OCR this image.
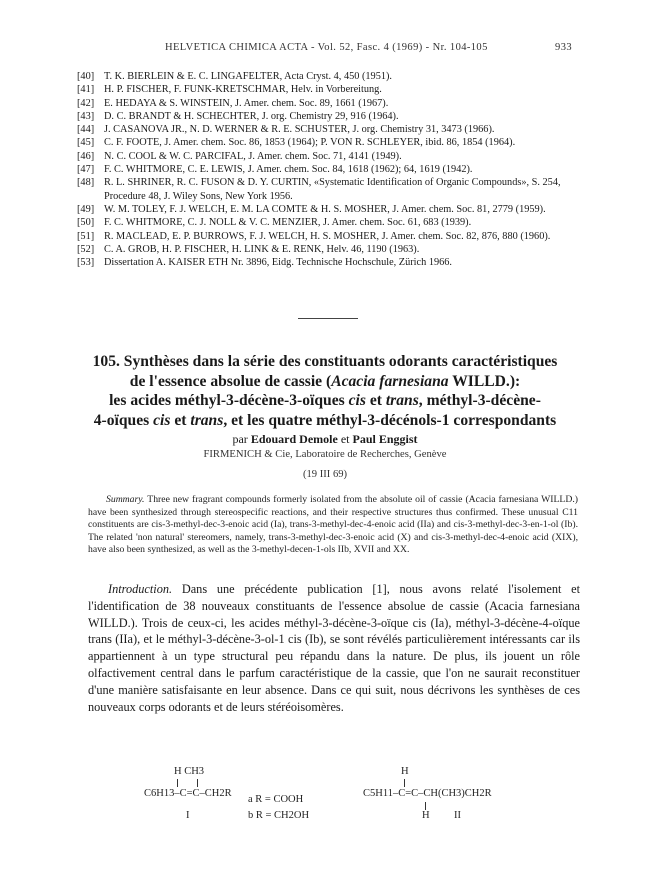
HELVETICA CHIMICA ACTA - Vol. 52, Fasc. 4 (1969) - Nr. 104-105	933
[40] T. K. BIERLEIN & E. C. LINGAFELTER, Acta Cryst. 4, 450 (1951).
[41] H. P. FISCHER, F. FUNK-KRETSCHMAR, Helv. in Vorbereitung.
[42] E. HEDAYA & S. WINSTEIN, J. Amer. chem. Soc. 89, 1661 (1967).
[43] D. C. BRANDT & H. SCHECHTER, J. org. Chemistry 29, 916 (1964).
[44] J. CASANOVA JR., N. D. WERNER & R. E. SCHUSTER, J. org. Chemistry 31, 3473 (1966).
[45] C. F. FOOTE, J. Amer. chem. Soc. 86, 1853 (1964); P. VON R. SCHLEYER, ibid. 86, 1854 (1964).
[46] N. C. COOL & W. C. PARCIFAL, J. Amer. chem. Soc. 71, 4141 (1949).
[47] F. C. WHITMORE, C. E. LEWIS, J. Amer. chem. Soc. 84, 1618 (1962); 64, 1619 (1942).
[48] R. L. SHRINER, R. C. FUSON & D. Y. CURTIN, «Systematic Identification of Organic Compounds», S. 254, Procedure 48, J. Wiley Sons, New York 1956.
[49] W. M. TOLEY, F. J. WELCH, E. M. LA COMTE & H. S. MOSHER, J. Amer. chem. Soc. 81, 2779 (1959).
[50] F. C. WHITMORE, C. J. NOLL & V. C. MENZIER, J. Amer. chem. Soc. 61, 683 (1939).
[51] R. MACLEAD, E. P. BURROWS, F. J. WELCH, H. S. MOSHER, J. Amer. chem. Soc. 82, 876, 880 (1960).
[52] C. A. GROB, H. P. FISCHER, H. LINK & E. RENK, Helv. 46, 1190 (1963).
[53] Dissertation A. KAISER ETH Nr. 3896, Eidg. Technische Hochschule, Zürich 1966.
105. Synthèses dans la série des constituants odorants caractéristiques
de l'essence absolue de cassie (Acacia farnesiana WILLD.):
les acides méthyl-3-décène-3-oïques cis et trans, méthyl-3-décène-
4-oïques cis et trans, et les quatre méthyl-3-décénols-1 correspondants
par Edouard Demole et Paul Enggist
FIRMENICH & Cie, Laboratoire de Recherches, Genève
(19 III 69)
Summary. Three new fragrant compounds formerly isolated from the absolute oil of cassie (Acacia farnesiana WILLD.) have been synthesized through stereospecific reactions, and their respective structures thus confirmed. These unusual C11 constituents are cis-3-methyl-dec-3-enoic acid (Ia), trans-3-methyl-dec-4-enoic acid (IIa) and cis-3-methyl-dec-3-en-1-ol (Ib). The related 'non natural' stereomers, namely, trans-3-methyl-dec-3-enoic acid (X) and cis-3-methyl-dec-4-enoic acid (XIX), have also been synthesized, as well as the 3-methyl-decen-1-ols IIb, XVII and XX.
Introduction. Dans une précédente publication [1], nous avons relaté l'isolement et l'identification de 38 nouveaux constituants de l'essence absolue de cassie (Acacia farnesiana WILLD.). Trois de ceux-ci, les acides méthyl-3-décène-3-oïque cis (Ia), méthyl-3-décène-4-oïque trans (IIa), et le méthyl-3-décène-3-ol-1 cis (Ib), se sont révélés particulièrement intéressants car ils appartiennent à un type structural peu répandu dans la nature. De plus, ils jouent un rôle olfactivement central dans le parfum caractéristique de la cassie, que l'on ne saurait reconstituer d'une manière satisfaisante en leur absence. Dans ce qui suit, nous décrivons les synthèses de ces nouveaux corps odorants et de leurs stéréoisomères.
H CH3
C6H13–C=C–CH2R
I
a R = COOH
b R = CH2OH
H
C5H11–C=C–CH(CH3)CH2R
H II
